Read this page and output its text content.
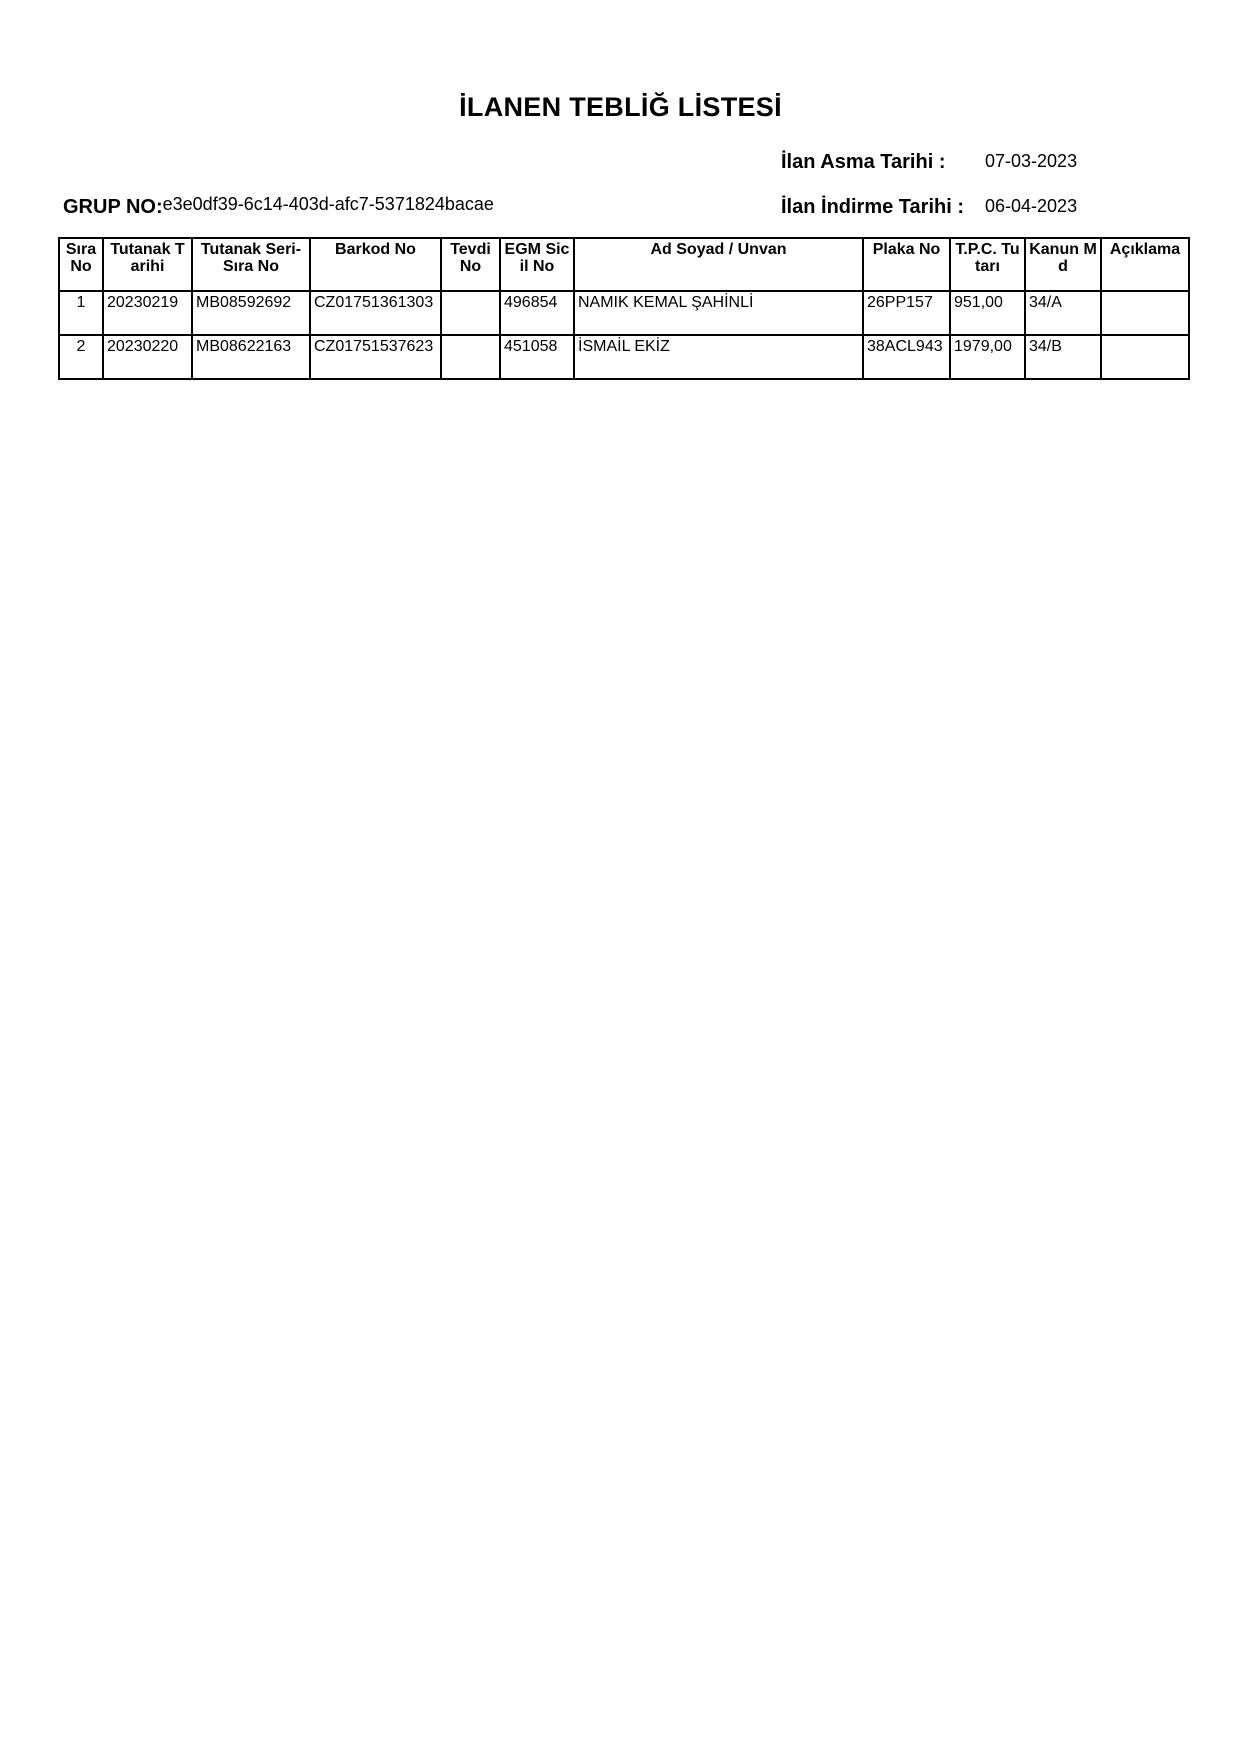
İLANEN TEBLİĞ LİSTESİ
İlan Asma Tarihi : 07-03-2023
İlan İndirme Tarihi : 06-04-2023
GRUP NO:e3e0df39-6c14-403d-afc7-5371824bacae
Sıra No	Tutanak Tarihi	Tutanak Seri-Sıra No	Barkod No	Tevdi No	EGM Sicil No	Ad Soyad / Unvan	Plaka No	T.P.C. Tutarı	Kanun Md	Açıklama
1	20230219	MB08592692	CZ01751361303		496854	NAMIK KEMAL ŞAHİNLİ	26PP157	951,00	34/A	
2	20230220	MB08622163	CZ01751537623		451058	İSMAİL EKİZ	38ACL943	1979,00	34/B	
